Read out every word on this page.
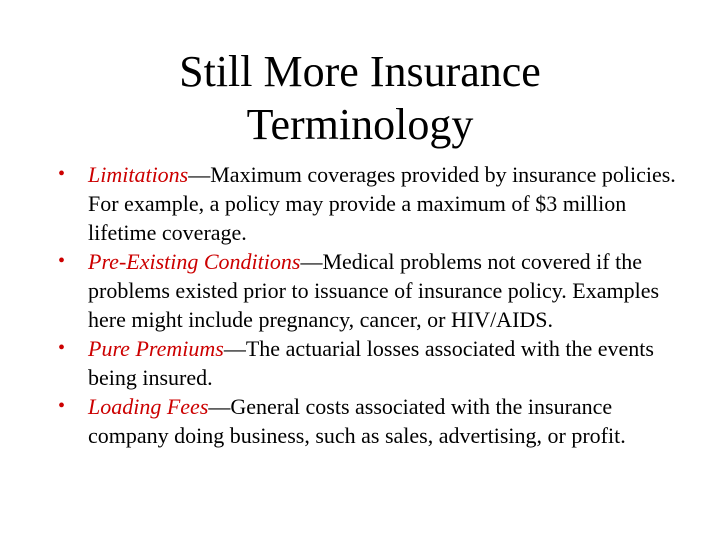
Still More Insurance
Terminology
• Limitations—Maximum coverages provided by insurance policies. For example, a policy may provide a maximum of $3 million lifetime coverage.
• Pre-Existing Conditions—Medical problems not covered if the problems existed prior to issuance of insurance policy. Examples here might include pregnancy, cancer, or HIV/AIDS.
• Pure Premiums—The actuarial losses associated with the events being insured.
• Loading Fees—General costs associated with the insurance company doing business, such as sales, advertising, or profit.
